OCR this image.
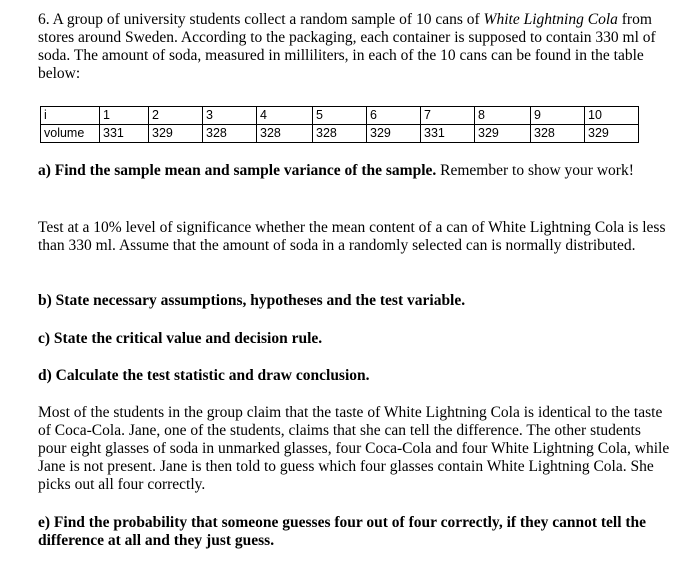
6. A group of university students collect a random sample of 10 cans of White Lightning Cola from stores around Sweden. According to the packaging, each container is supposed to contain 330 ml of soda. The amount of soda, measured in milliliters, in each of the 10 cans can be found in the table below:

i	1	2	3	4	5	6	7	8	9	10
volume	331	329	328	328	328	329	331	329	328	329

a) Find the sample mean and sample variance of the sample. Remember to show your work!

Test at a 10% level of significance whether the mean content of a can of White Lightning Cola is less than 330 ml. Assume that the amount of soda in a randomly selected can is normally distributed.

b) State necessary assumptions, hypotheses and the test variable.

c) State the critical value and decision rule.

d) Calculate the test statistic and draw conclusion.

Most of the students in the group claim that the taste of White Lightning Cola is identical to the taste of Coca-Cola. Jane, one of the students, claims that she can tell the difference. The other students pour eight glasses of soda in unmarked glasses, four Coca-Cola and four White Lightning Cola, while Jane is not present. Jane is then told to guess which four glasses contain White Lightning Cola. She picks out all four correctly.

e) Find the probability that someone guesses four out of four correctly, if they cannot tell the difference at all and they just guess.
